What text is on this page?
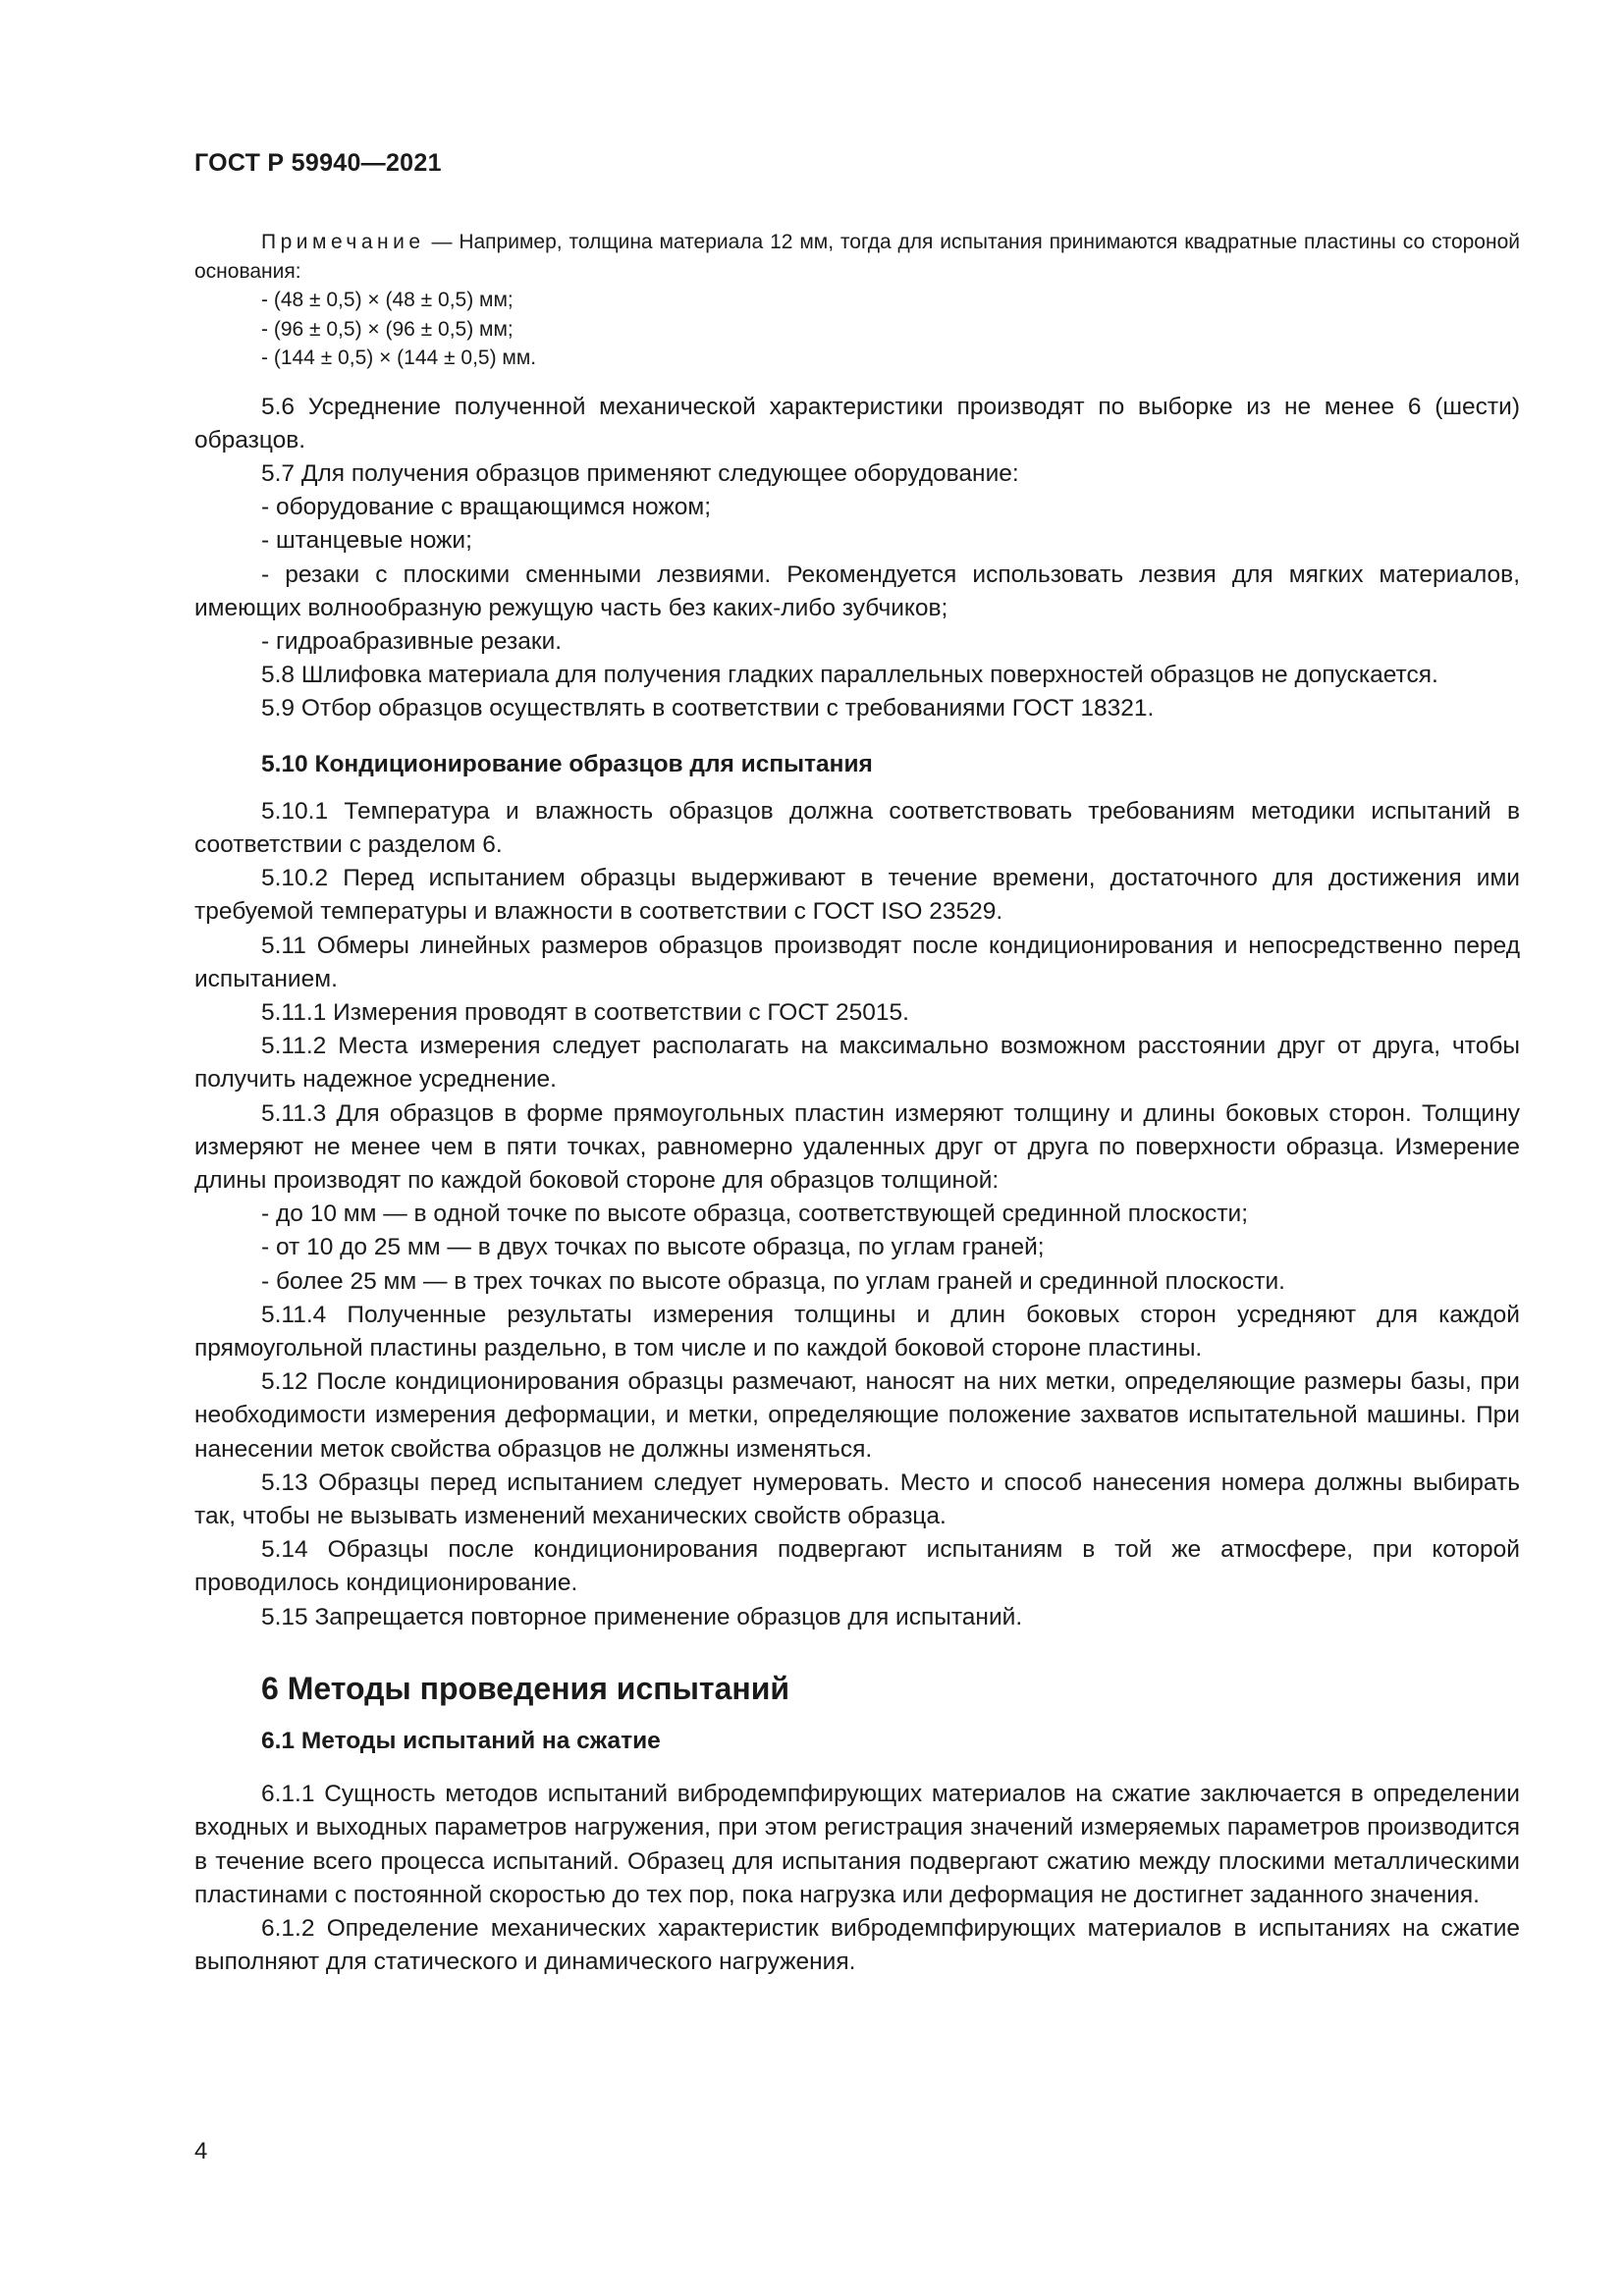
ГОСТ Р 59940—2021

Примечание — Например, толщина материала 12 мм, тогда для испытания принимаются квадратные пластины со стороной основания:

- (48 ± 0,5) × (48 ± 0,5) мм;

- (96 ± 0,5) × (96 ± 0,5) мм;

- (144 ± 0,5) × (144 ± 0,5) мм.

5.6 Усреднение полученной механической характеристики производят по выборке из не менее 6 (шести) образцов.

5.7 Для получения образцов применяют следующее оборудование:

- оборудование с вращающимся ножом;

- штанцевые ножи;

- резаки с плоскими сменными лезвиями. Рекомендуется использовать лезвия для мягких материалов, имеющих волнообразную режущую часть без каких-либо зубчиков;

- гидроабразивные резаки.

5.8 Шлифовка материала для получения гладких параллельных поверхностей образцов не допускается.

5.9 Отбор образцов осуществлять в соответствии с требованиями ГОСТ 18321.

5.10 Кондиционирование образцов для испытания

5.10.1 Температура и влажность образцов должна соответствовать требованиям методики испытаний в соответствии с разделом 6.

5.10.2 Перед испытанием образцы выдерживают в течение времени, достаточного для достижения ими требуемой температуры и влажности в соответствии с ГОСТ ISO 23529.

5.11 Обмеры линейных размеров образцов производят после кондиционирования и непосредственно перед испытанием.

5.11.1 Измерения проводят в соответствии с ГОСТ 25015.

5.11.2 Места измерения следует располагать на максимально возможном расстоянии друг от друга, чтобы получить надежное усреднение.

5.11.3 Для образцов в форме прямоугольных пластин измеряют толщину и длины боковых сторон. Толщину измеряют не менее чем в пяти точках, равномерно удаленных друг от друга по поверхности образца. Измерение длины производят по каждой боковой стороне для образцов толщиной:

- до 10 мм — в одной точке по высоте образца, соответствующей срединной плоскости;

- от 10 до 25 мм — в двух точках по высоте образца, по углам граней;

- более 25 мм — в трех точках по высоте образца, по углам граней и срединной плоскости.

5.11.4 Полученные результаты измерения толщины и длин боковых сторон усредняют для каждой прямоугольной пластины раздельно, в том числе и по каждой боковой стороне пластины.

5.12 После кондиционирования образцы размечают, наносят на них метки, определяющие размеры базы, при необходимости измерения деформации, и метки, определяющие положение захватов испытательной машины. При нанесении меток свойства образцов не должны изменяться.

5.13 Образцы перед испытанием следует нумеровать. Место и способ нанесения номера должны выбирать так, чтобы не вызывать изменений механических свойств образца.

5.14 Образцы после кондиционирования подвергают испытаниям в той же атмосфере, при которой проводилось кондиционирование.

5.15 Запрещается повторное применение образцов для испытаний.

6 Методы проведения испытаний
6.1 Методы испытаний на сжатие

6.1.1 Сущность методов испытаний вибродемпфирующих материалов на сжатие заключается в определении входных и выходных параметров нагружения, при этом регистрация значений измеряемых параметров производится в течение всего процесса испытаний. Образец для испытания подвергают сжатию между плоскими металлическими пластинами с постоянной скоростью до тех пор, пока нагрузка или деформация не достигнет заданного значения.

6.1.2 Определение механических характеристик вибродемпфирующих материалов в испытаниях на сжатие выполняют для статического и динамического нагружения.

4
